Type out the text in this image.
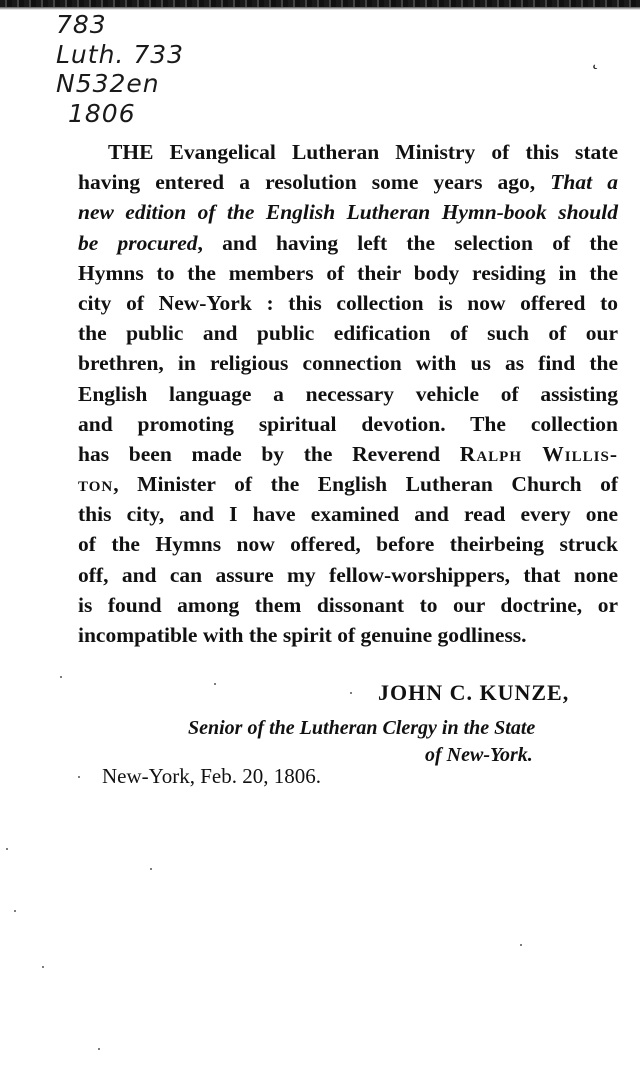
783
Luth. 733
N532en
1806
˛
THE Evangelical Lutheran Ministry of this state
having entered a resolution some years ago, That a
new edition of the English Lutheran Hymn-book should
be procured, and having left the selection of the
Hymns to the members of their body residing in the
city of New-York : this collection is now offered to
the public and public edification of such of our
brethren, in religious connection with us as find the
English language a necessary vehicle of assisting
and promoting spiritual devotion. The collection
has been made by the Reverend Ralph Willis-
ton, Minister of the English Lutheran Church of
this city, and I have examined and read every one
of the Hymns now offered, before theirbeing struck
off, and can assure my fellow-worshippers, that none
is found among them dissonant to our doctrine, or
incompatible with the spirit of genuine godliness.
JOHN C. KUNZE,
Senior of the Lutheran Clergy in the State
of New-York.
New-York, Feb. 20, 1806.
